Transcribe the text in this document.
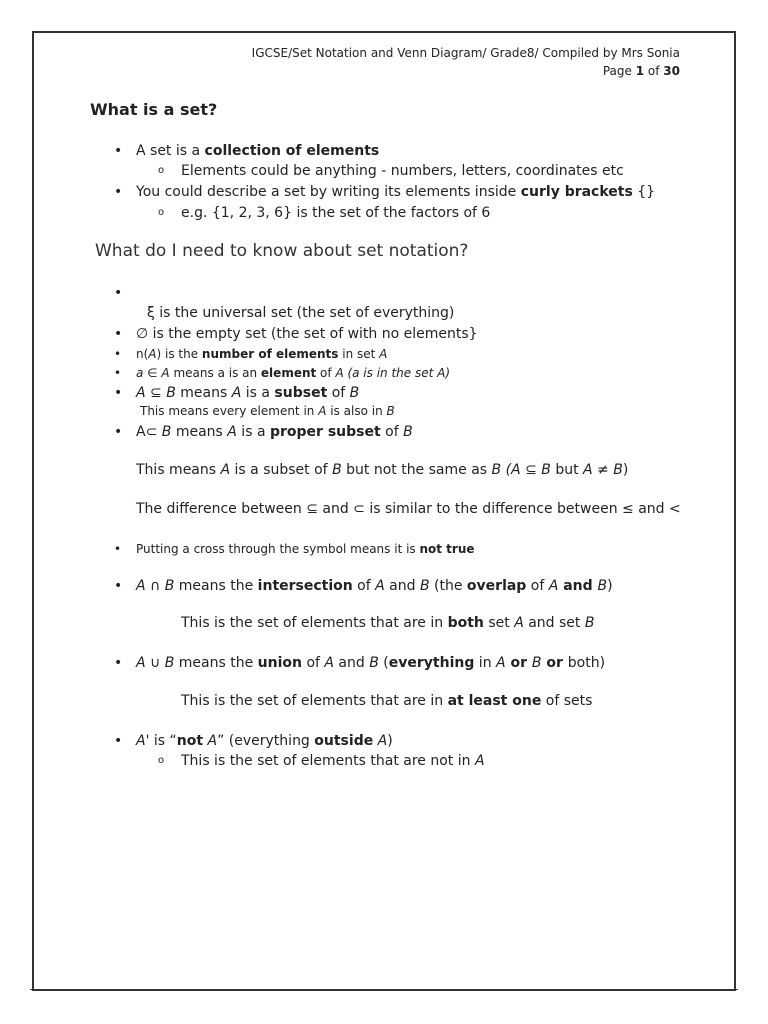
IGCSE/Set Notation and Venn Diagram/ Grade8/ Compiled by Mrs Sonia
Page 1 of 30
What is a set?
• A set is a collection of elements
o Elements could be anything - numbers, letters, coordinates etc
• You could describe a set by writing its elements inside curly brackets {}
o e.g. {1, 2, 3, 6} is the set of the factors of 6
What do I need to know about set notation?
ξ is the universal set (the set of everything)
• ∅ is the empty set (the set of with no elements}
• n(A) is the number of elements in set A
• a ∈ A means a is an element of A (a is in the set A)
• A ⊆ B means A is a subset of B
This means every element in A is also in B
• A⊂ B means A is a proper subset of B
This means A is a subset of B but not the same as B (A ⊆ B but A ≠ B)
The difference between ⊆ and ⊂ is similar to the difference between ≤ and <
• Putting a cross through the symbol means it is not true
• A ∩ B means the intersection of A and B (the overlap of A and B)
This is the set of elements that are in both set A and set B
• A ∪ B means the union of A and B (everything in A or B or both)
This is the set of elements that are in at least one of sets
• A' is “not A” (everything outside A)
o This is the set of elements that are not in A
